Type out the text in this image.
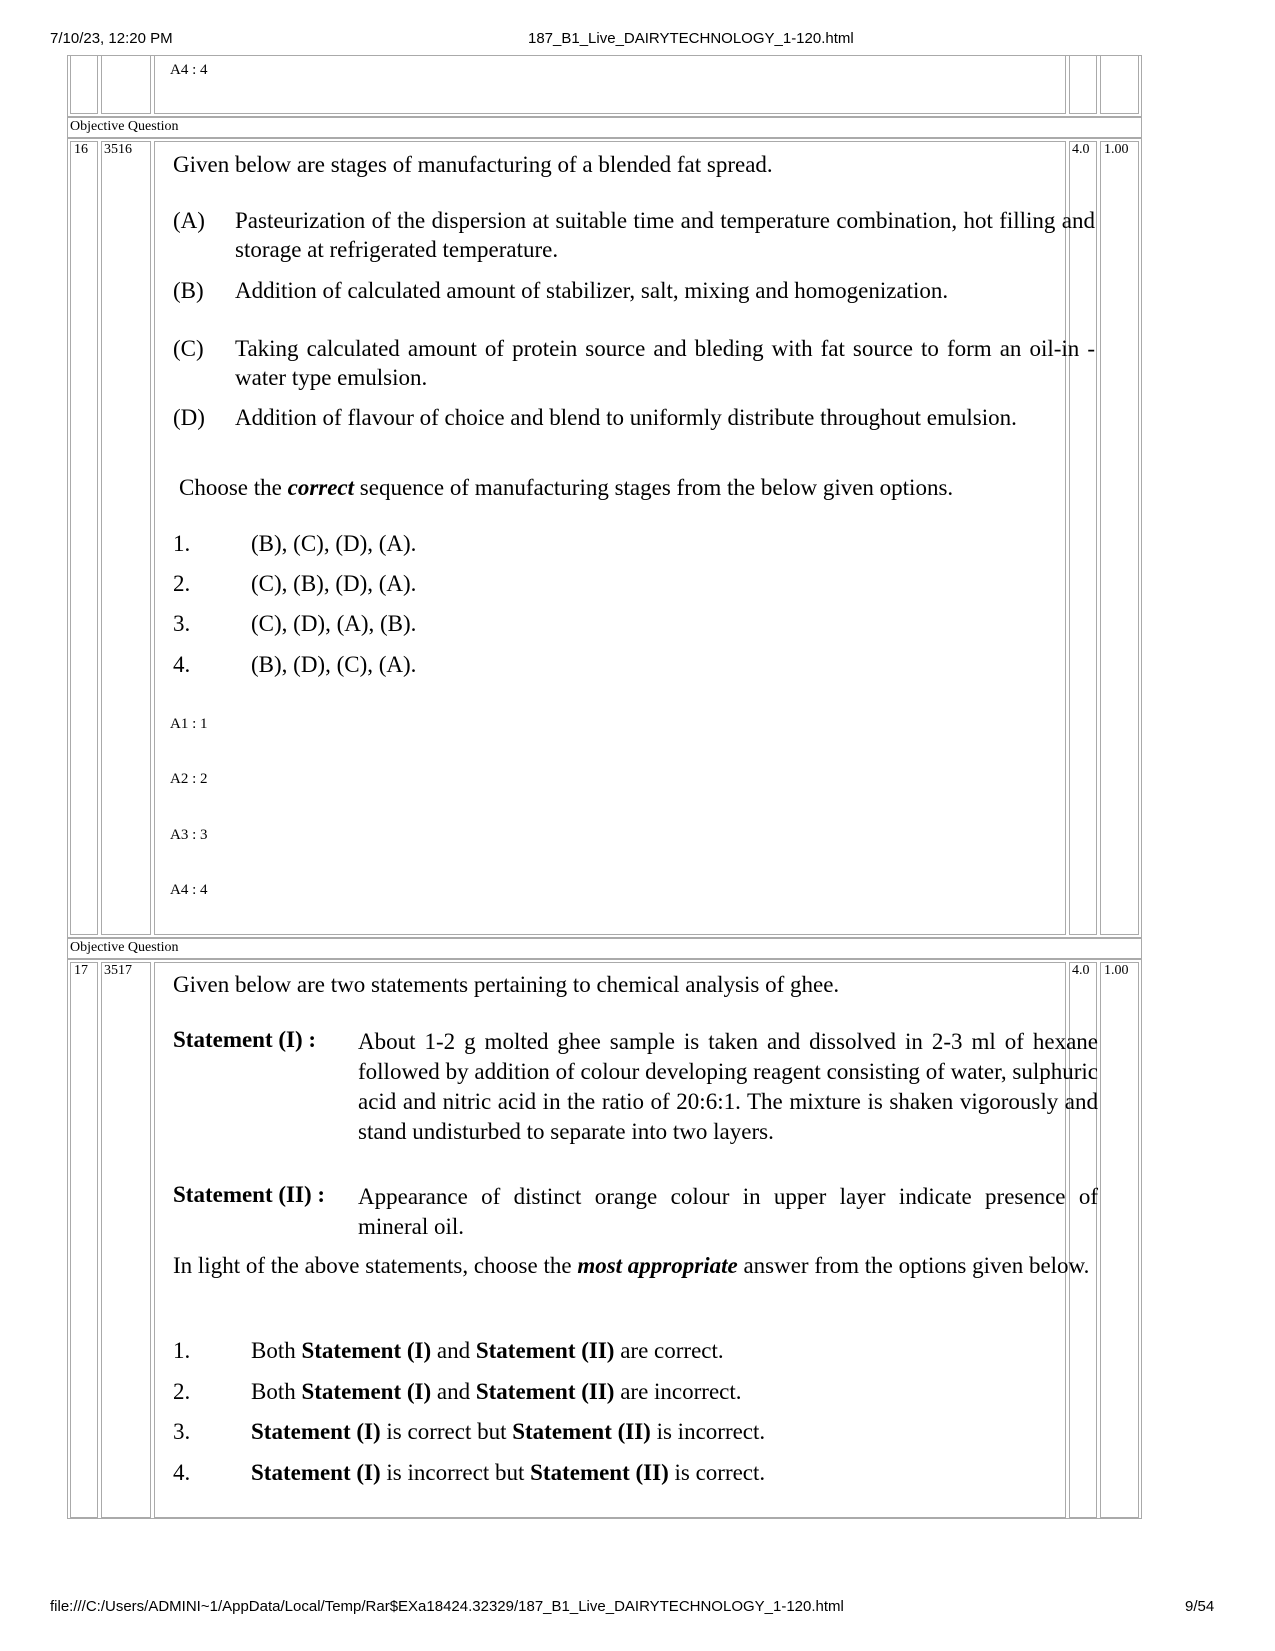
7/10/23, 12:20 PM	187_B1_Live_DAIRYTECHNOLOGY_1-120.html
A4 : 4
Objective Question
16 3516	4.0 1.00
Given below are stages of manufacturing of a blended fat spread.
(A) Pasteurization of the dispersion at suitable time and temperature combination, hot filling and storage at refrigerated temperature.
(B) Addition of calculated amount of stabilizer, salt, mixing and homogenization.
(C) Taking calculated amount of protein source and bleding with fat source to form an oil-in -water type emulsion.
(D) Addition of flavour of choice and blend to uniformly distribute throughout emulsion.
Choose the correct sequence of manufacturing stages from the below given options.
1.	(B), (C), (D), (A).
2.	(C), (B), (D), (A).
3.	(C), (D), (A), (B).
4.	(B), (D), (C), (A).
A1 : 1
A2 : 2
A3 : 3
A4 : 4
Objective Question
17 3517	4.0 1.00
Given below are two statements pertaining to chemical analysis of ghee.
Statement (I) : About 1-2 g molted ghee sample is taken and dissolved in 2-3 ml of hexane followed by addition of colour developing reagent consisting of water, sulphuric acid and nitric acid in the ratio of 20:6:1. The mixture is shaken vigorously and stand undisturbed to separate into two layers.
Statement (II) : Appearance of distinct orange colour in upper layer indicate presence of mineral oil.
In light of the above statements, choose the most appropriate answer from the options given below.
1.	Both Statement (I) and Statement (II) are correct.
2.	Both Statement (I) and Statement (II) are incorrect.
3.	Statement (I) is correct but Statement (II) is incorrect.
4.	Statement (I) is incorrect but Statement (II) is correct.
file:///C:/Users/ADMINI~1/AppData/Local/Temp/Rar$EXa18424.32329/187_B1_Live_DAIRYTECHNOLOGY_1-120.html	9/54
